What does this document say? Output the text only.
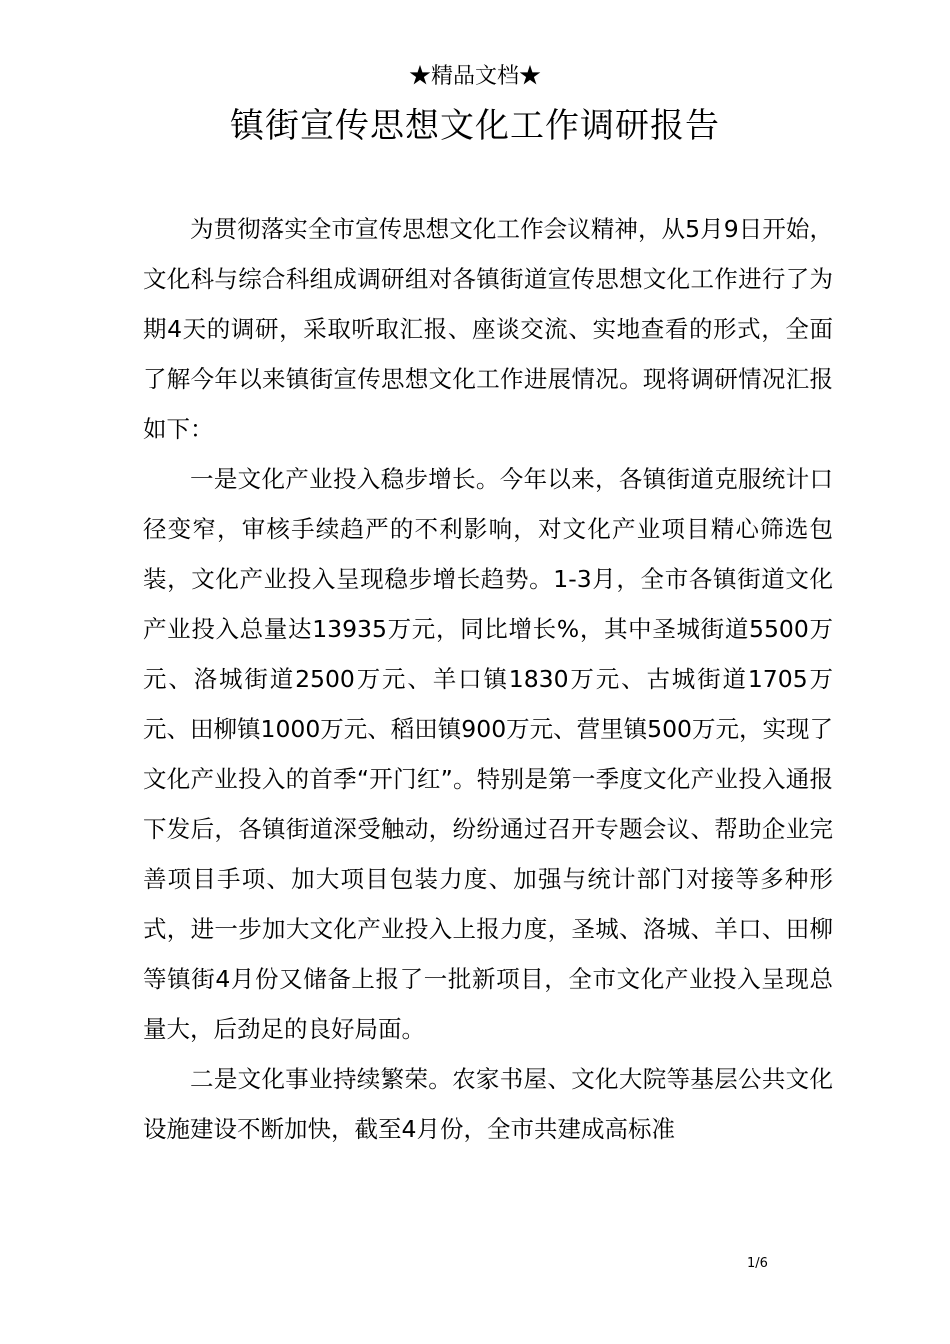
★精品文档★
镇街宣传思想文化工作调研报告

为贯彻落实全市宣传思想文化工作会议精神，从5月9日开始，文化科与综合科组成调研组对各镇街道宣传思想文化工作进行了为期4天的调研，采取听取汇报、座谈交流、实地查看的形式，全面了解今年以来镇街宣传思想文化工作进展情况。现将调研情况汇报如下：

一是文化产业投入稳步增长。今年以来，各镇街道克服统计口径变窄，审核手续趋严的不利影响，对文化产业项目精心筛选包装，文化产业投入呈现稳步增长趋势。1-3月，全市各镇街道文化产业投入总量达13935万元，同比增长%，其中圣城街道5500万元、洛城街道2500万元、羊口镇1830万元、古城街道1705万元、田柳镇1000万元、稻田镇900万元、营里镇500万元，实现了文化产业投入的首季“开门红”。特别是第一季度文化产业投入通报下发后，各镇街道深受触动，纷纷通过召开专题会议、帮助企业完善项目手项、加大项目包装力度、加强与统计部门对接等多种形式，进一步加大文化产业投入上报力度，圣城、洛城、羊口、田柳等镇街4月份又储备上报了一批新项目，全市文化产业投入呈现总量大，后劲足的良好局面。

二是文化事业持续繁荣。农家书屋、文化大院等基层公共文化设施建设不断加快，截至4月份，全市共建成高标准

1/6
